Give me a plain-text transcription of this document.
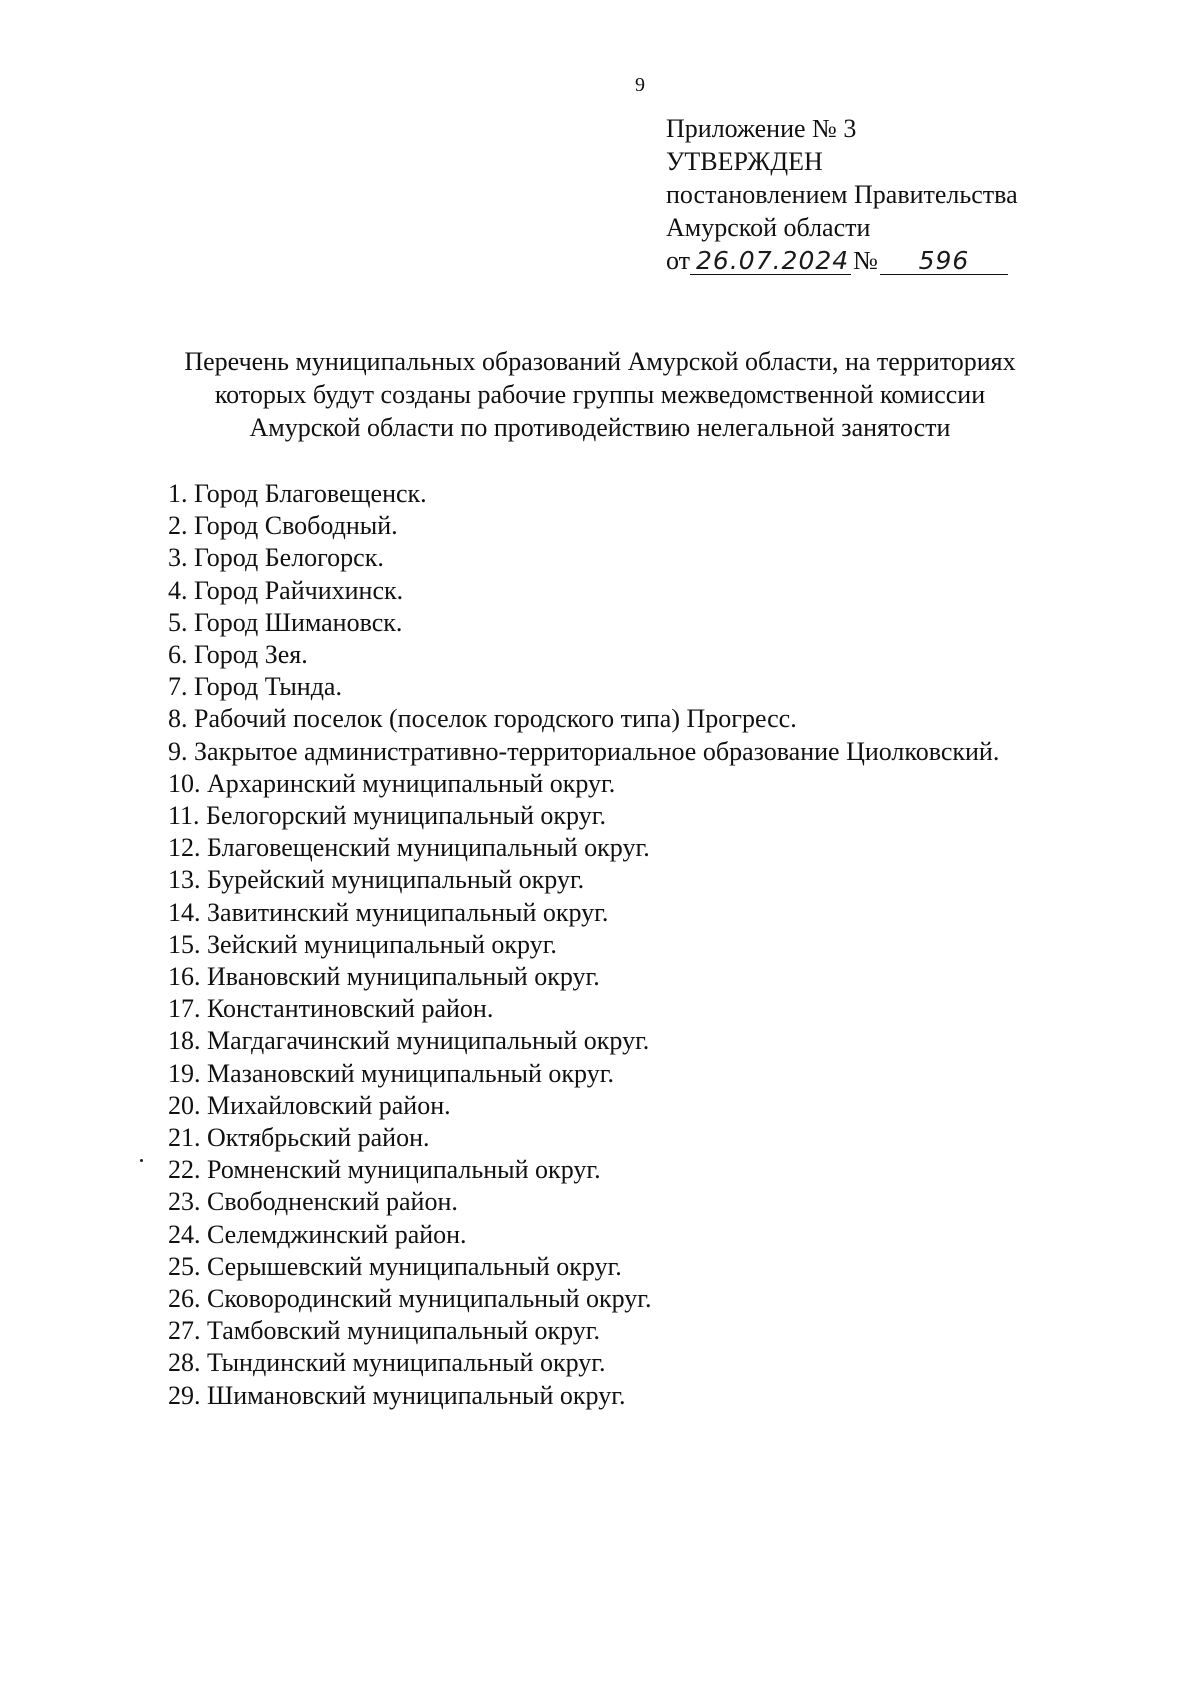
9
Приложение № 3
УТВЕРЖДЕН
постановлением Правительства
Амурской области
от 26.07.2024 №	596
Перечень муниципальных образований Амурской области, на территориях
которых будут созданы рабочие группы межведомственной комиссии
Амурской области по противодействию нелегальной занятости
1. Город Благовещенск.
2. Город Свободный.
3. Город Белогорск.
4. Город Райчихинск.
5. Город Шимановск.
6. Город Зея.
7. Город Тында.
8. Рабочий поселок (поселок городского типа) Прогресс.
9. Закрытое административно-территориальное образование Циолковский.
10. Архаринский муниципальный округ.
11. Белогорский муниципальный округ.
12. Благовещенский муниципальный округ.
13. Бурейский муниципальный округ.
14. Завитинский муниципальный округ.
15. Зейский муниципальный округ.
16. Ивановский муниципальный округ.
17. Константиновский район.
18. Магдагачинский муниципальный округ.
19. Мазановский муниципальный округ.
20. Михайловский район.
21. Октябрьский район.
22. Ромненский муниципальный округ.
23. Свободненский район.
24. Селемджинский район.
25. Серышевский муниципальный округ.
26. Сковородинский муниципальный округ.
27. Тамбовский муниципальный округ.
28. Тындинский муниципальный округ.
29. Шимановский муниципальный округ.
